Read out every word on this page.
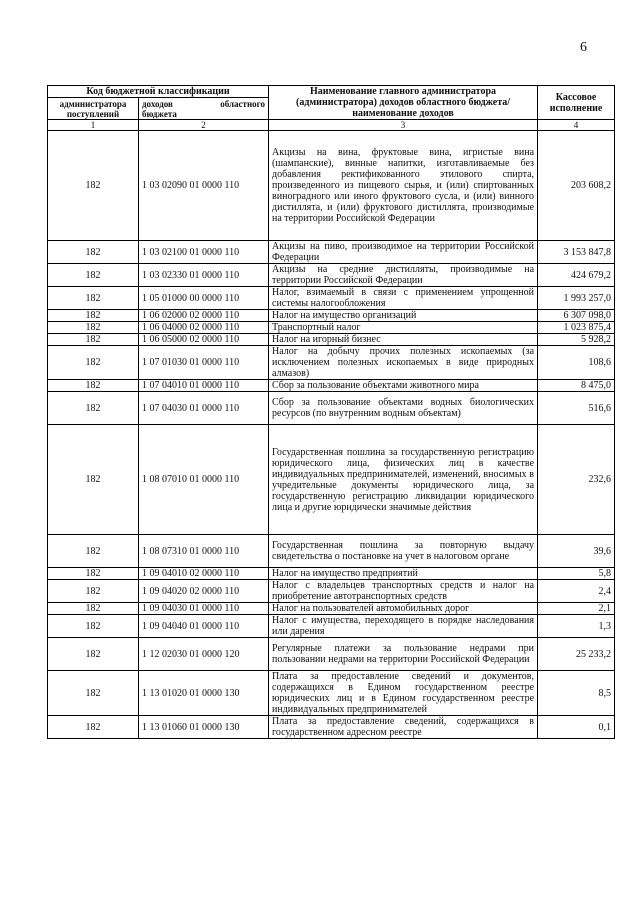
6
Код бюджетной классификации		Наименование главного администратора (администратора) доходов областного бюджета/ наименование доходов	Кассовое исполнение
администратора поступлений	доходов областного

бюджета		
1	2	3	4
182	1 03 02090 01 0000 110	Акцизы на вина, фруктовые вина, игристые вина (шампанские), винные напитки, изготавливаемые без добавления ректификованного этилового спирта, произведенного из пищевого сырья, и (или) спиртованных виноградного или иного фруктового сусла, и (или) винного дистиллята, и (или) фруктового дистиллята, производимые на территории Российской Федерации	203 608,2
182	1 03 02100 01 0000 110	Акцизы на пиво, производимое на территории Российской Федерации	3 153 847,8
182	1 03 02330 01 0000 110	Акцизы на средние дистилляты, производимые на территории Российской Федерации	424 679,2
182	1 05 01000 00 0000 110	Налог, взимаемый в связи с применением упрощенной системы налогообложения	1 993 257,0
182	1 06 02000 02 0000 110	Налог на имущество организаций	6 307 098,0
182	1 06 04000 02 0000 110	Транспортный налог	1 023 875,4
182	1 06 05000 02 0000 110	Налог на игорный бизнес	5 928,2
182	1 07 01030 01 0000 110	Налог на добычу прочих полезных ископаемых (за исключением полезных ископаемых в виде природных алмазов)	108,6
182	1 07 04010 01 0000 110	Сбор за пользование объектами животного мира	8 475,0
182	1 07 04030 01 0000 110	Сбор за пользование объектами водных биологических ресурсов (по внутренним водным объектам)	516,6
182	1 08 07010 01 0000 110	Государственная пошлина за государственную регистрацию юридического лица, физических лиц в качестве индивидуальных предпринимателей, изменений, вносимых в учредительные документы юридического лица, за государственную регистрацию ликвидации юридического лица и другие юридически значимые действия	232,6
182	1 08 07310 01 0000 110	Государственная пошлина за повторную выдачу свидетельства о постановке на учет в налоговом органе	39,6
182	1 09 04010 02 0000 110	Налог на имущество предприятий	5,8
182	1 09 04020 02 0000 110	Налог с владельцев транспортных средств и налог на приобретение автотранспортных средств	2,4
182	1 09 04030 01 0000 110	Налог на пользователей автомобильных дорог	2,1
182	1 09 04040 01 0000 110	Налог с имущества, переходящего в порядке наследования или дарения	1,3
182	1 12 02030 01 0000 120	Регулярные платежи за пользование недрами при пользовании недрами на территории Российской Федерации	25 233,2
182	1 13 01020 01 0000 130	Плата за предоставление сведений и документов, содержащихся в Едином государственном реестре юридических лиц и в Едином государственном реестре индивидуальных предпринимателей	8,5
182	1 13 01060 01 0000 130	Плата за предоставление сведений, содержащихся в государственном адресном реестре	0,1
